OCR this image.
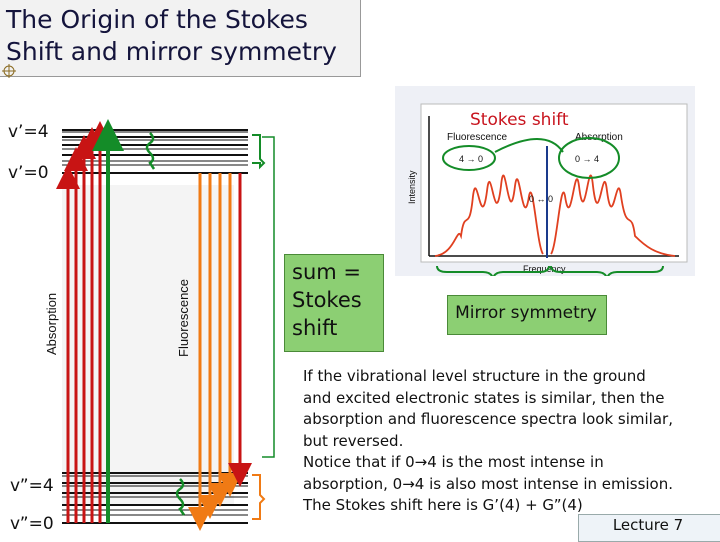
The Origin of the Stokes
Shift and mirror symmetry
Absorption	Fluorescence
v’=4
v’=0
v”=4
v”=0
sum =
Stokes
shift
Fluorescence	Absorption
Intensity
Frequency
4 → 0	0 → 4
0 ↔ 0
Stokes shift
Mirror symmetry
If the vibrational level structure in the ground
and excited electronic states is similar, then the
absorption and fluorescence spectra look similar,
but reversed.
Notice that if 0→4 is the most intense in
absorption, 0→4 is also most intense in emission.
The Stokes shift here is G’(4) + G”(4)
Lecture 7
